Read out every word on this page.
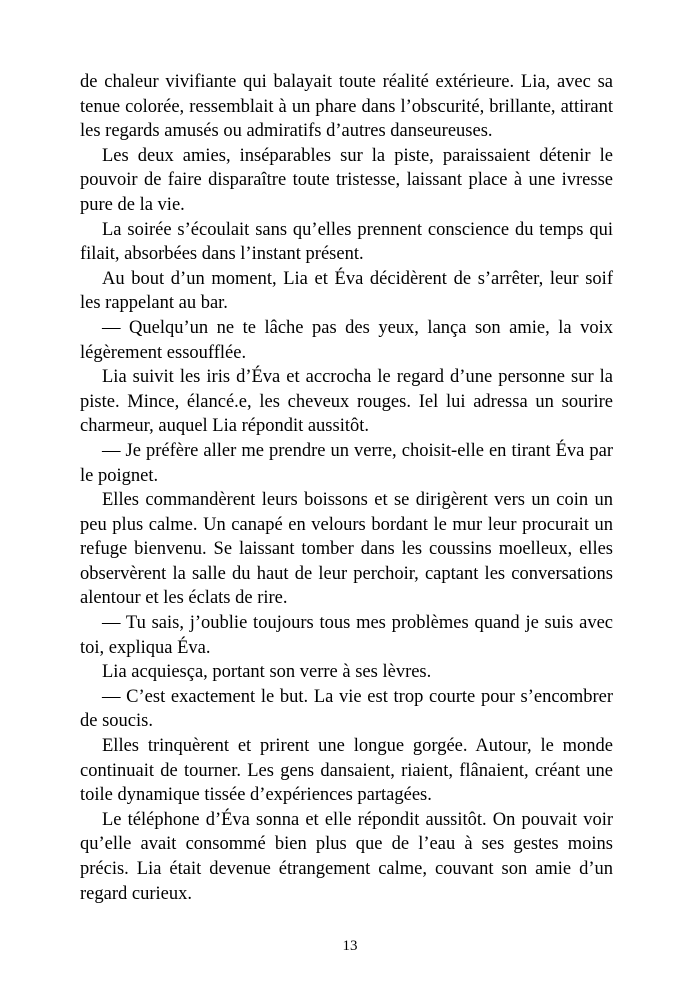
de chaleur vivifiante qui balayait toute réalité extérieure. Lia, avec sa tenue colorée, ressemblait à un phare dans l’obscurité, brillante, attirant les regards amusés ou admiratifs d’autres danseureuses.

Les deux amies, inséparables sur la piste, paraissaient détenir le pouvoir de faire disparaître toute tristesse, laissant place à une ivresse pure de la vie.

La soirée s’écoulait sans qu’elles prennent conscience du temps qui filait, absorbées dans l’instant présent.

Au bout d’un moment, Lia et Éva décidèrent de s’arrêter, leur soif les rappelant au bar.

— Quelqu’un ne te lâche pas des yeux, lança son amie, la voix légèrement essoufflée.

Lia suivit les iris d’Éva et accrocha le regard d’une personne sur la piste. Mince, élancé.e, les cheveux rouges. Iel lui adressa un sourire charmeur, auquel Lia répondit aussitôt.

— Je préfère aller me prendre un verre, choisit-elle en tirant Éva par le poignet.

Elles commandèrent leurs boissons et se dirigèrent vers un coin un peu plus calme. Un canapé en velours bordant le mur leur procurait un refuge bienvenu. Se laissant tomber dans les coussins moelleux, elles observèrent la salle du haut de leur perchoir, captant les conversations alentour et les éclats de rire.

— Tu sais, j’oublie toujours tous mes problèmes quand je suis avec toi, expliqua Éva.

Lia acquiesça, portant son verre à ses lèvres.

— C’est exactement le but. La vie est trop courte pour s’encombrer de soucis.

Elles trinquèrent et prirent une longue gorgée. Autour, le monde continuait de tourner. Les gens dansaient, riaient, flânaient, créant une toile dynamique tissée d’expériences partagées.

Le téléphone d’Éva sonna et elle répondit aussitôt. On pouvait voir qu’elle avait consommé bien plus que de l’eau à ses gestes moins précis. Lia était devenue étrangement calme, couvant son amie d’un regard curieux.

13
